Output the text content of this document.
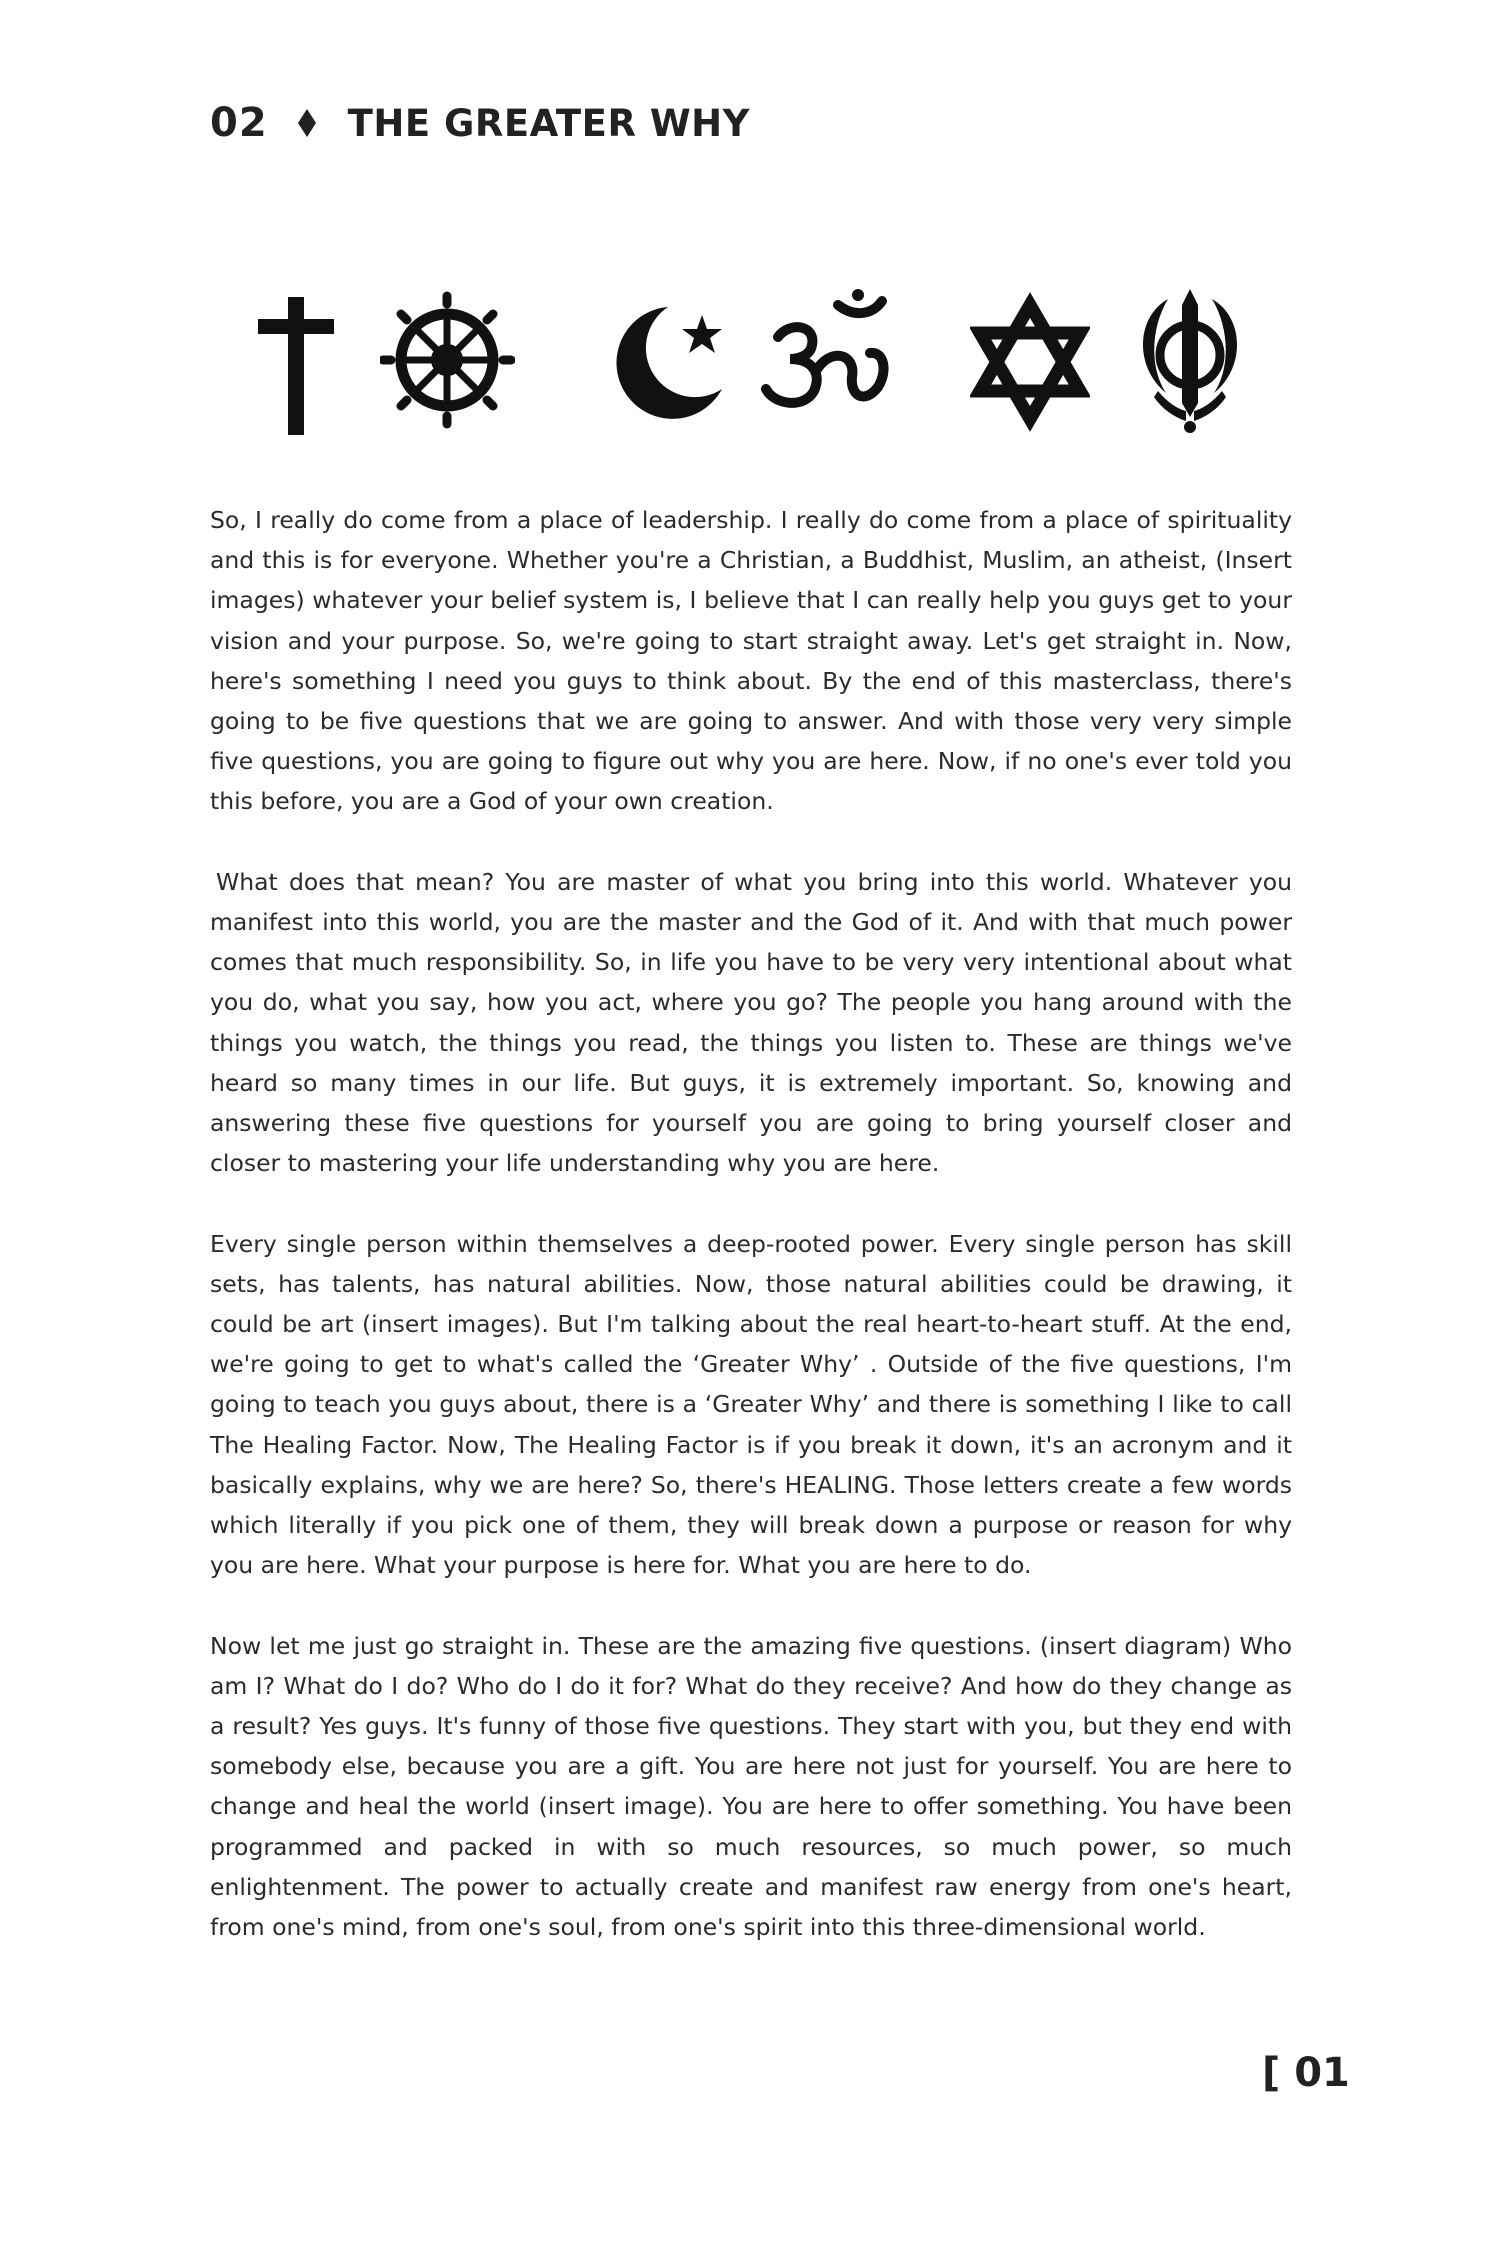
02 THE GREATER WHY

So, I really do come from a place of leadership. I really do come from a place of spirituality and this is for everyone. Whether you're a Christian, a Buddhist, Muslim, an atheist, (Insert images) whatever your belief system is, I believe that I can really help you guys get to your vision and your purpose. So, we're going to start straight away. Let's get straight in. Now, here's something I need you guys to think about. By the end of this masterclass, there's going to be five questions that we are going to answer. And with those very very simple five questions, you are going to figure out why you are here. Now, if no one's ever told you this before, you are a God of your own creation.

What does that mean? You are master of what you bring into this world. Whatever you manifest into this world, you are the master and the God of it. And with that much power comes that much responsibility. So, in life you have to be very very intentional about what you do, what you say, how you act, where you go? The people you hang around with the things you watch, the things you read, the things you listen to. These are things we've heard so many times in our life. But guys, it is extremely important. So, knowing and answering these five questions for yourself you are going to bring yourself closer and closer to mastering your life understanding why you are here.

Every single person within themselves a deep-rooted power. Every single person has skill sets, has talents, has natural abilities. Now, those natural abilities could be drawing, it could be art (insert images). But I'm talking about the real heart-to-heart stuff. At the end, we're going to get to what's called the ‘Greater Why’ . Outside of the five questions, I'm going to teach you guys about, there is a ‘Greater Why’ and there is something I like to call The Healing Factor. Now, The Healing Factor is if you break it down, it's an acronym and it basically explains, why we are here? So, there's HEALING. Those letters create a few words which literally if you pick one of them, they will break down a purpose or reason for why you are here. What your purpose is here for. What you are here to do.

Now let me just go straight in. These are the amazing five questions. (insert diagram) Who am I? What do I do? Who do I do it for? What do they receive? And how do they change as a result? Yes guys. It's funny of those five questions. They start with you, but they end with somebody else, because you are a gift. You are here not just for yourself. You are here to change and heal the world (insert image). You are here to offer something. You have been programmed and packed in with so much resources, so much power, so much enlightenment. The power to actually create and manifest raw energy from one's heart, from one's mind, from one's soul, from one's spirit into this three-dimensional world.

[ 01
